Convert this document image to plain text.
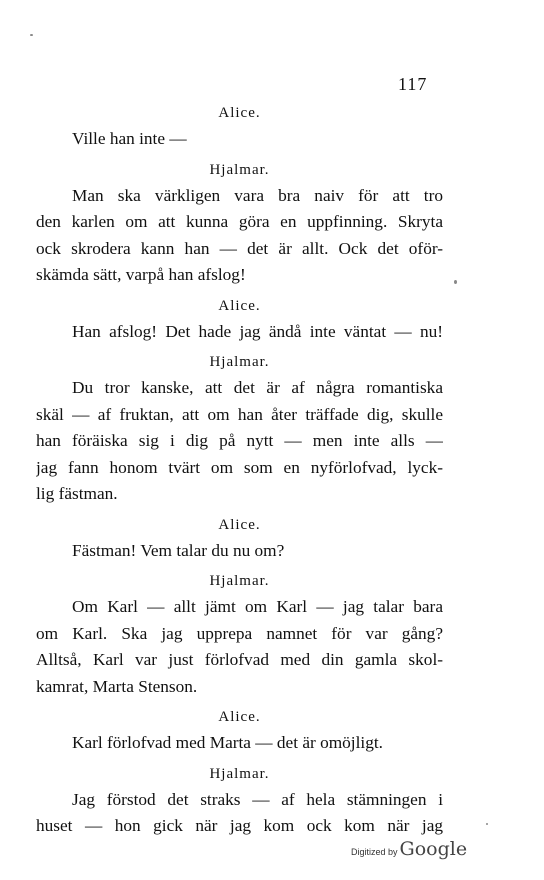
117
Alice.
Ville han inte —
Hjalmar.
Man ska värkligen vara bra naiv för att tro
den karlen om att kunna göra en uppfinning. Skryta
ock skrodera kann han — det är allt. Ock det oför-
skämda sätt, varpå han afslog!
Alice.
Han afslog! Det hade jag ändå inte väntat — nu!
Hjalmar.
Du tror kanske, att det är af några romantiska
skäl — af fruktan, att om han åter träffade dig, skulle
han föräiska sig i dig på nytt — men inte alls —
jag fann honom tvärt om som en nyförlofvad, lyck-
lig fästman.
Alice.
Fästman! Vem talar du nu om?
Hjalmar.
Om Karl — allt jämt om Karl — jag talar bara
om Karl. Ska jag upprepa namnet för var gång?
Alltså, Karl var just förlofvad med din gamla skol-
kamrat, Marta Stenson.
Alice.
Karl förlofvad med Marta — det är omöjligt.
Hjalmar.
Jag förstod det straks — af hela stämningen i
huset — hon gick när jag kom ock kom när jag
Digitized by Google
